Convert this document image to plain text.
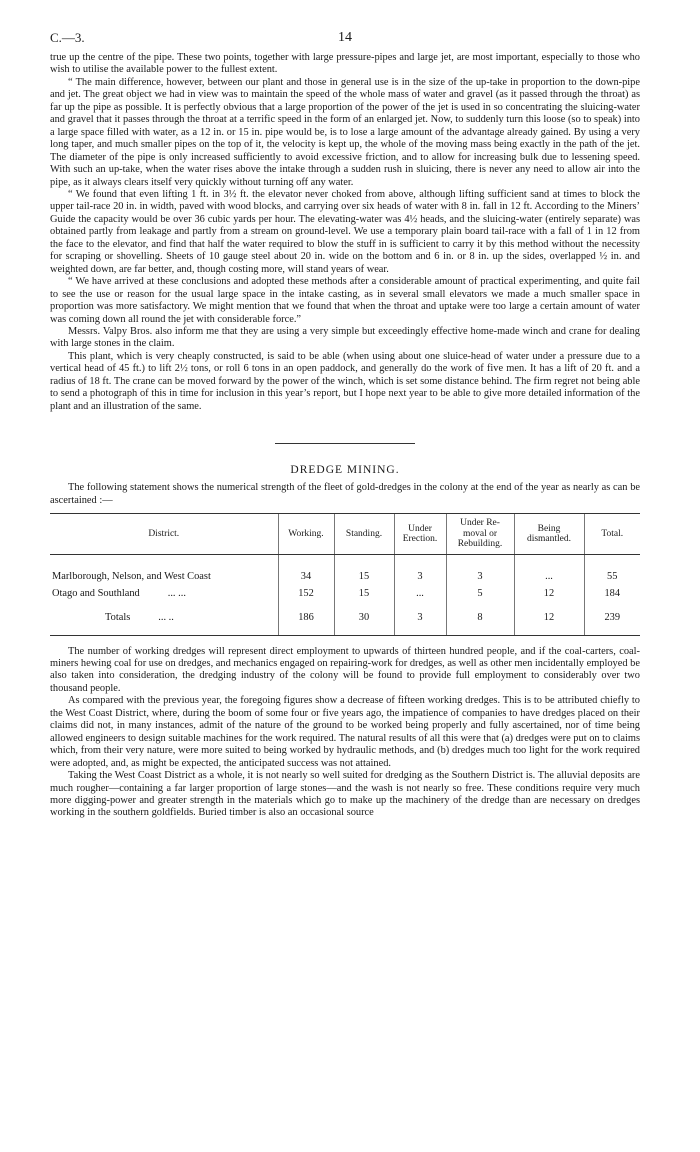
C.—3.	14

true up the centre of the pipe. These two points, together with large pressure-pipes and large jet, are most important, especially to those who wish to utilise the available power to the fullest extent.

“ The main difference, however, between our plant and those in general use is in the size of the up-take in proportion to the down-pipe and jet. The great object we had in view was to maintain the speed of the whole mass of water and gravel (as it passed through the throat) as far up the pipe as possible. It is perfectly obvious that a large proportion of the power of the jet is used in so concentrating the sluicing-water and gravel that it passes through the throat at a terrific speed in the form of an enlarged jet. Now, to suddenly turn this loose (so to speak) into a large space filled with water, as a 12 in. or 15 in. pipe would be, is to lose a large amount of the advantage already gained. By using a very long taper, and much smaller pipes on the top of it, the velocity is kept up, the whole of the moving mass being exactly in the path of the jet. The diameter of the pipe is only increased sufficiently to avoid excessive friction, and to allow for increasing bulk due to lessening speed. With such an up-take, when the water rises above the intake through a sudden rush in sluicing, there is never any need to allow air into the pipe, as it always clears itself very quickly without turning off any water.

“ We found that even lifting 1 ft. in 3½ ft. the elevator never choked from above, although lifting sufficient sand at times to block the upper tail-race 20 in. in width, paved with wood blocks, and carrying over six heads of water with 8 in. fall in 12 ft. According to the Miners’ Guide the capacity would be over 36 cubic yards per hour. The elevating-water was 4½ heads, and the sluicing-water (entirely separate) was obtained partly from leakage and partly from a stream on ground-level. We use a temporary plain board tail-race with a fall of 1 in 12 from the face to the elevator, and find that half the water required to blow the stuff in is sufficient to carry it by this method without the necessity for scraping or shovelling. Sheets of 10 gauge steel about 20 in. wide on the bottom and 6 in. or 8 in. up the sides, overlapped ½ in. and weighted down, are far better, and, though costing more, will stand years of wear.

“ We have arrived at these conclusions and adopted these methods after a considerable amount of practical experimenting, and quite fail to see the use or reason for the usual large space in the intake casting, as in several small elevators we made a much smaller space in proportion was more satisfactory. We might mention that we found that when the throat and uptake were too large a certain amount of water was coming down all round the jet with considerable force.”

Messrs. Valpy Bros. also inform me that they are using a very simple but exceedingly effective home-made winch and crane for dealing with large stones in the claim.

This plant, which is very cheaply constructed, is said to be able (when using about one sluice-head of water under a pressure due to a vertical head of 45 ft.) to lift 2½ tons, or roll 6 tons in an open paddock, and generally do the work of five men. It has a lift of 20 ft. and a radius of 18 ft. The crane can be moved forward by the power of the winch, which is set some distance behind. The firm regret not being able to send a photograph of this in time for inclusion in this year’s report, but I hope next year to be able to give more detailed information of the plant and an illustration of the same.

DREDGE MINING.

The following statement shows the numerical strength of the fleet of gold-dredges in the colony at the end of the year as nearly as can be ascertained :—

District.	Working.	Standing.	Under Erection.	Under Re-moval or Rebuilding.	Being dismantled.	Total.
Marlborough, Nelson, and West Coast	34	15	3	3	...	55
Otago and Southland ... ...	152	15	...	5	12	184
Totals ... ..	186	30	3	8	12	239

The number of working dredges will represent direct employment to upwards of thirteen hundred people, and if the coal-carters, coal-miners hewing coal for use on dredges, and mechanics engaged on repairing-work for dredges, as well as other men incidentally employed be also taken into consideration, the dredging industry of the colony will be found to provide full employment to considerably over two thousand people.

As compared with the previous year, the foregoing figures show a decrease of fifteen working dredges. This is to be attributed chiefly to the West Coast District, where, during the boom of some four or five years ago, the impatience of companies to have dredges placed on their claims did not, in many instances, admit of the nature of the ground to be worked being properly and fully ascertained, nor of time being allowed engineers to design suitable machines for the work required. The natural results of all this were that (a) dredges were put on to claims which, from their very nature, were more suited to being worked by hydraulic methods, and (b) dredges much too light for the work required were adopted, and, as might be expected, the anticipated success was not attained.

Taking the West Coast District as a whole, it is not nearly so well suited for dredging as the Southern District is. The alluvial deposits are much rougher—containing a far larger proportion of large stones—and the wash is not nearly so free. These conditions require very much more digging-power and greater strength in the materials which go to make up the machinery of the dredge than are necessary on dredges working in the southern goldfields. Buried timber is also an occasional source
